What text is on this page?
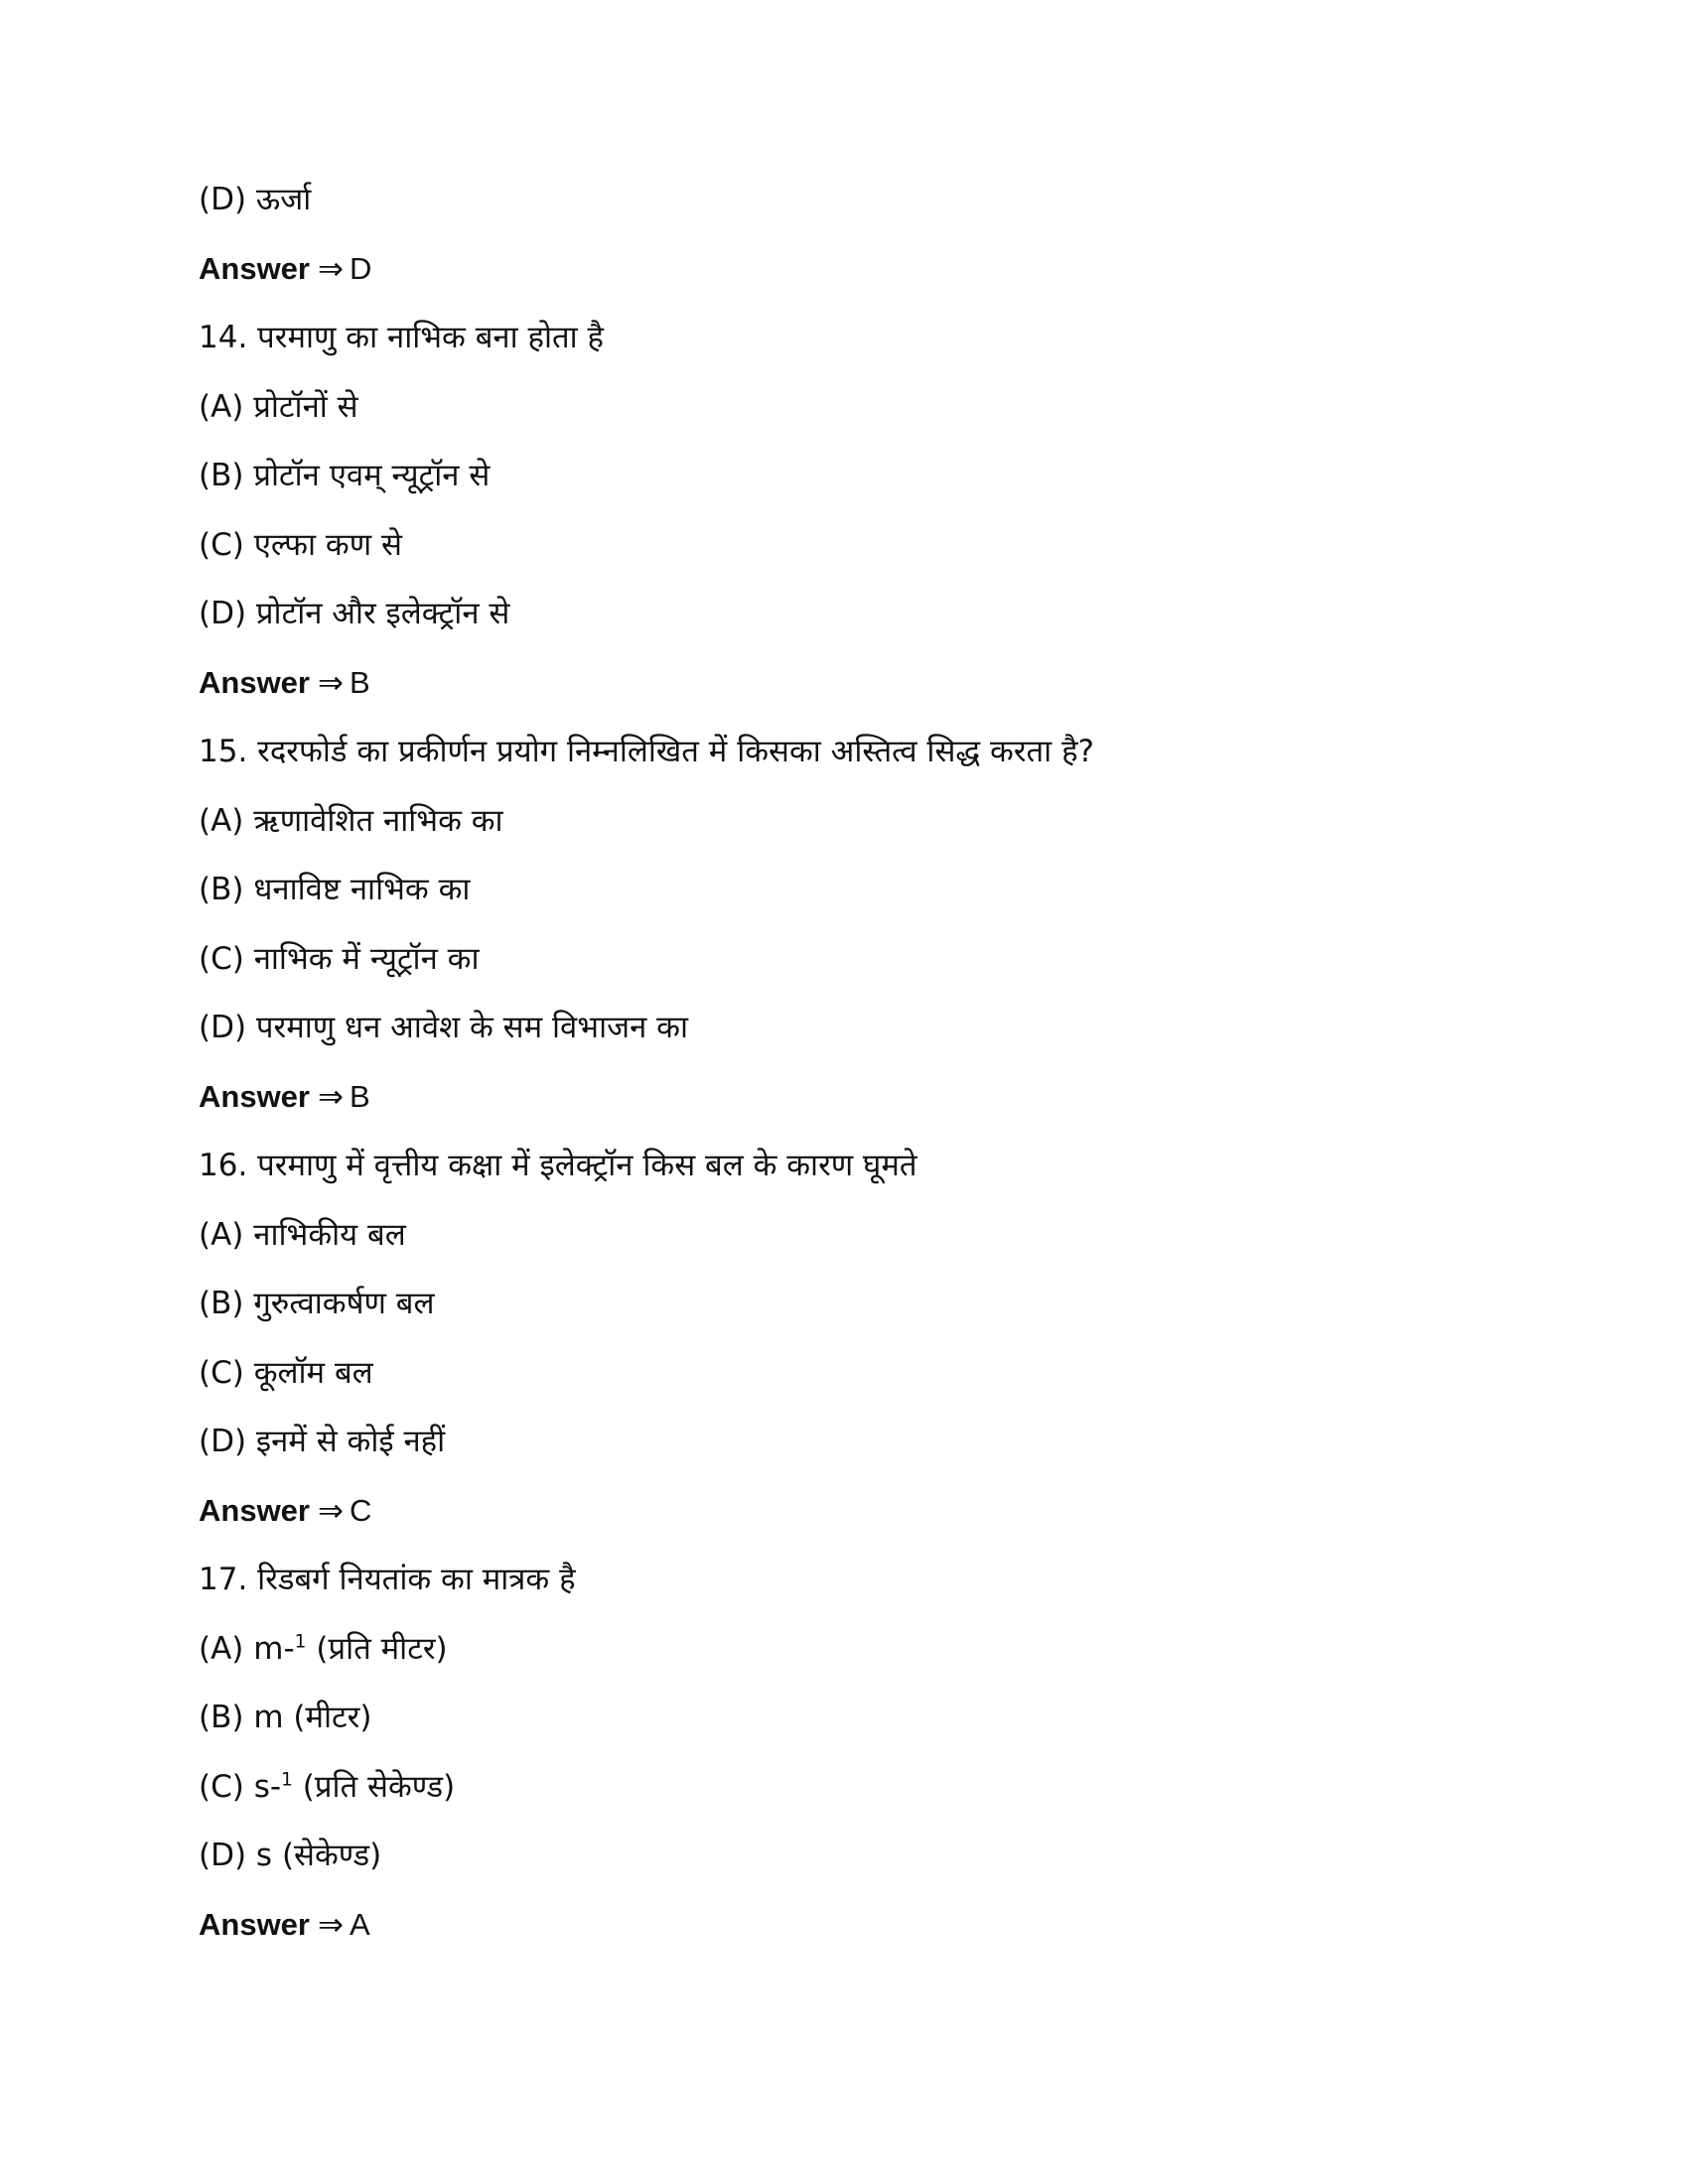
(D) ऊर्जा
Answer ⇒ D
14. परमाणु का नाभिक बना होता है
(A) प्रोटॉनों से
(B) प्रोटॉन एवम् न्यूट्रॉन से
(C) एल्फा कण से
(D) प्रोटॉन और इलेक्ट्रॉन से
Answer ⇒ B
15. रदरफोर्ड का प्रकीर्णन प्रयोग निम्नलिखित में किसका अस्तित्व सिद्ध करता है?
(A) ऋणावेशित नाभिक का
(B) धनाविष्ट नाभिक का
(C) नाभिक में न्यूट्रॉन का
(D) परमाणु धन आवेश के सम विभाजन का
Answer ⇒ B
16. परमाणु में वृत्तीय कक्षा में इलेक्ट्रॉन किस बल के कारण घूमते
(A) नाभिकीय बल
(B) गुरुत्वाकर्षण बल
(C) कूलॉम बल
(D) इनमें से कोई नहीं
Answer ⇒ C
17. रिडबर्ग नियतांक का मात्रक है
(A) m-$^1$ (प्रति मीटर)
(B) m (मीटर)
(C) s-$^1$ (प्रति सेकेण्ड)
(D) s (सेकेण्ड)
Answer ⇒ A
